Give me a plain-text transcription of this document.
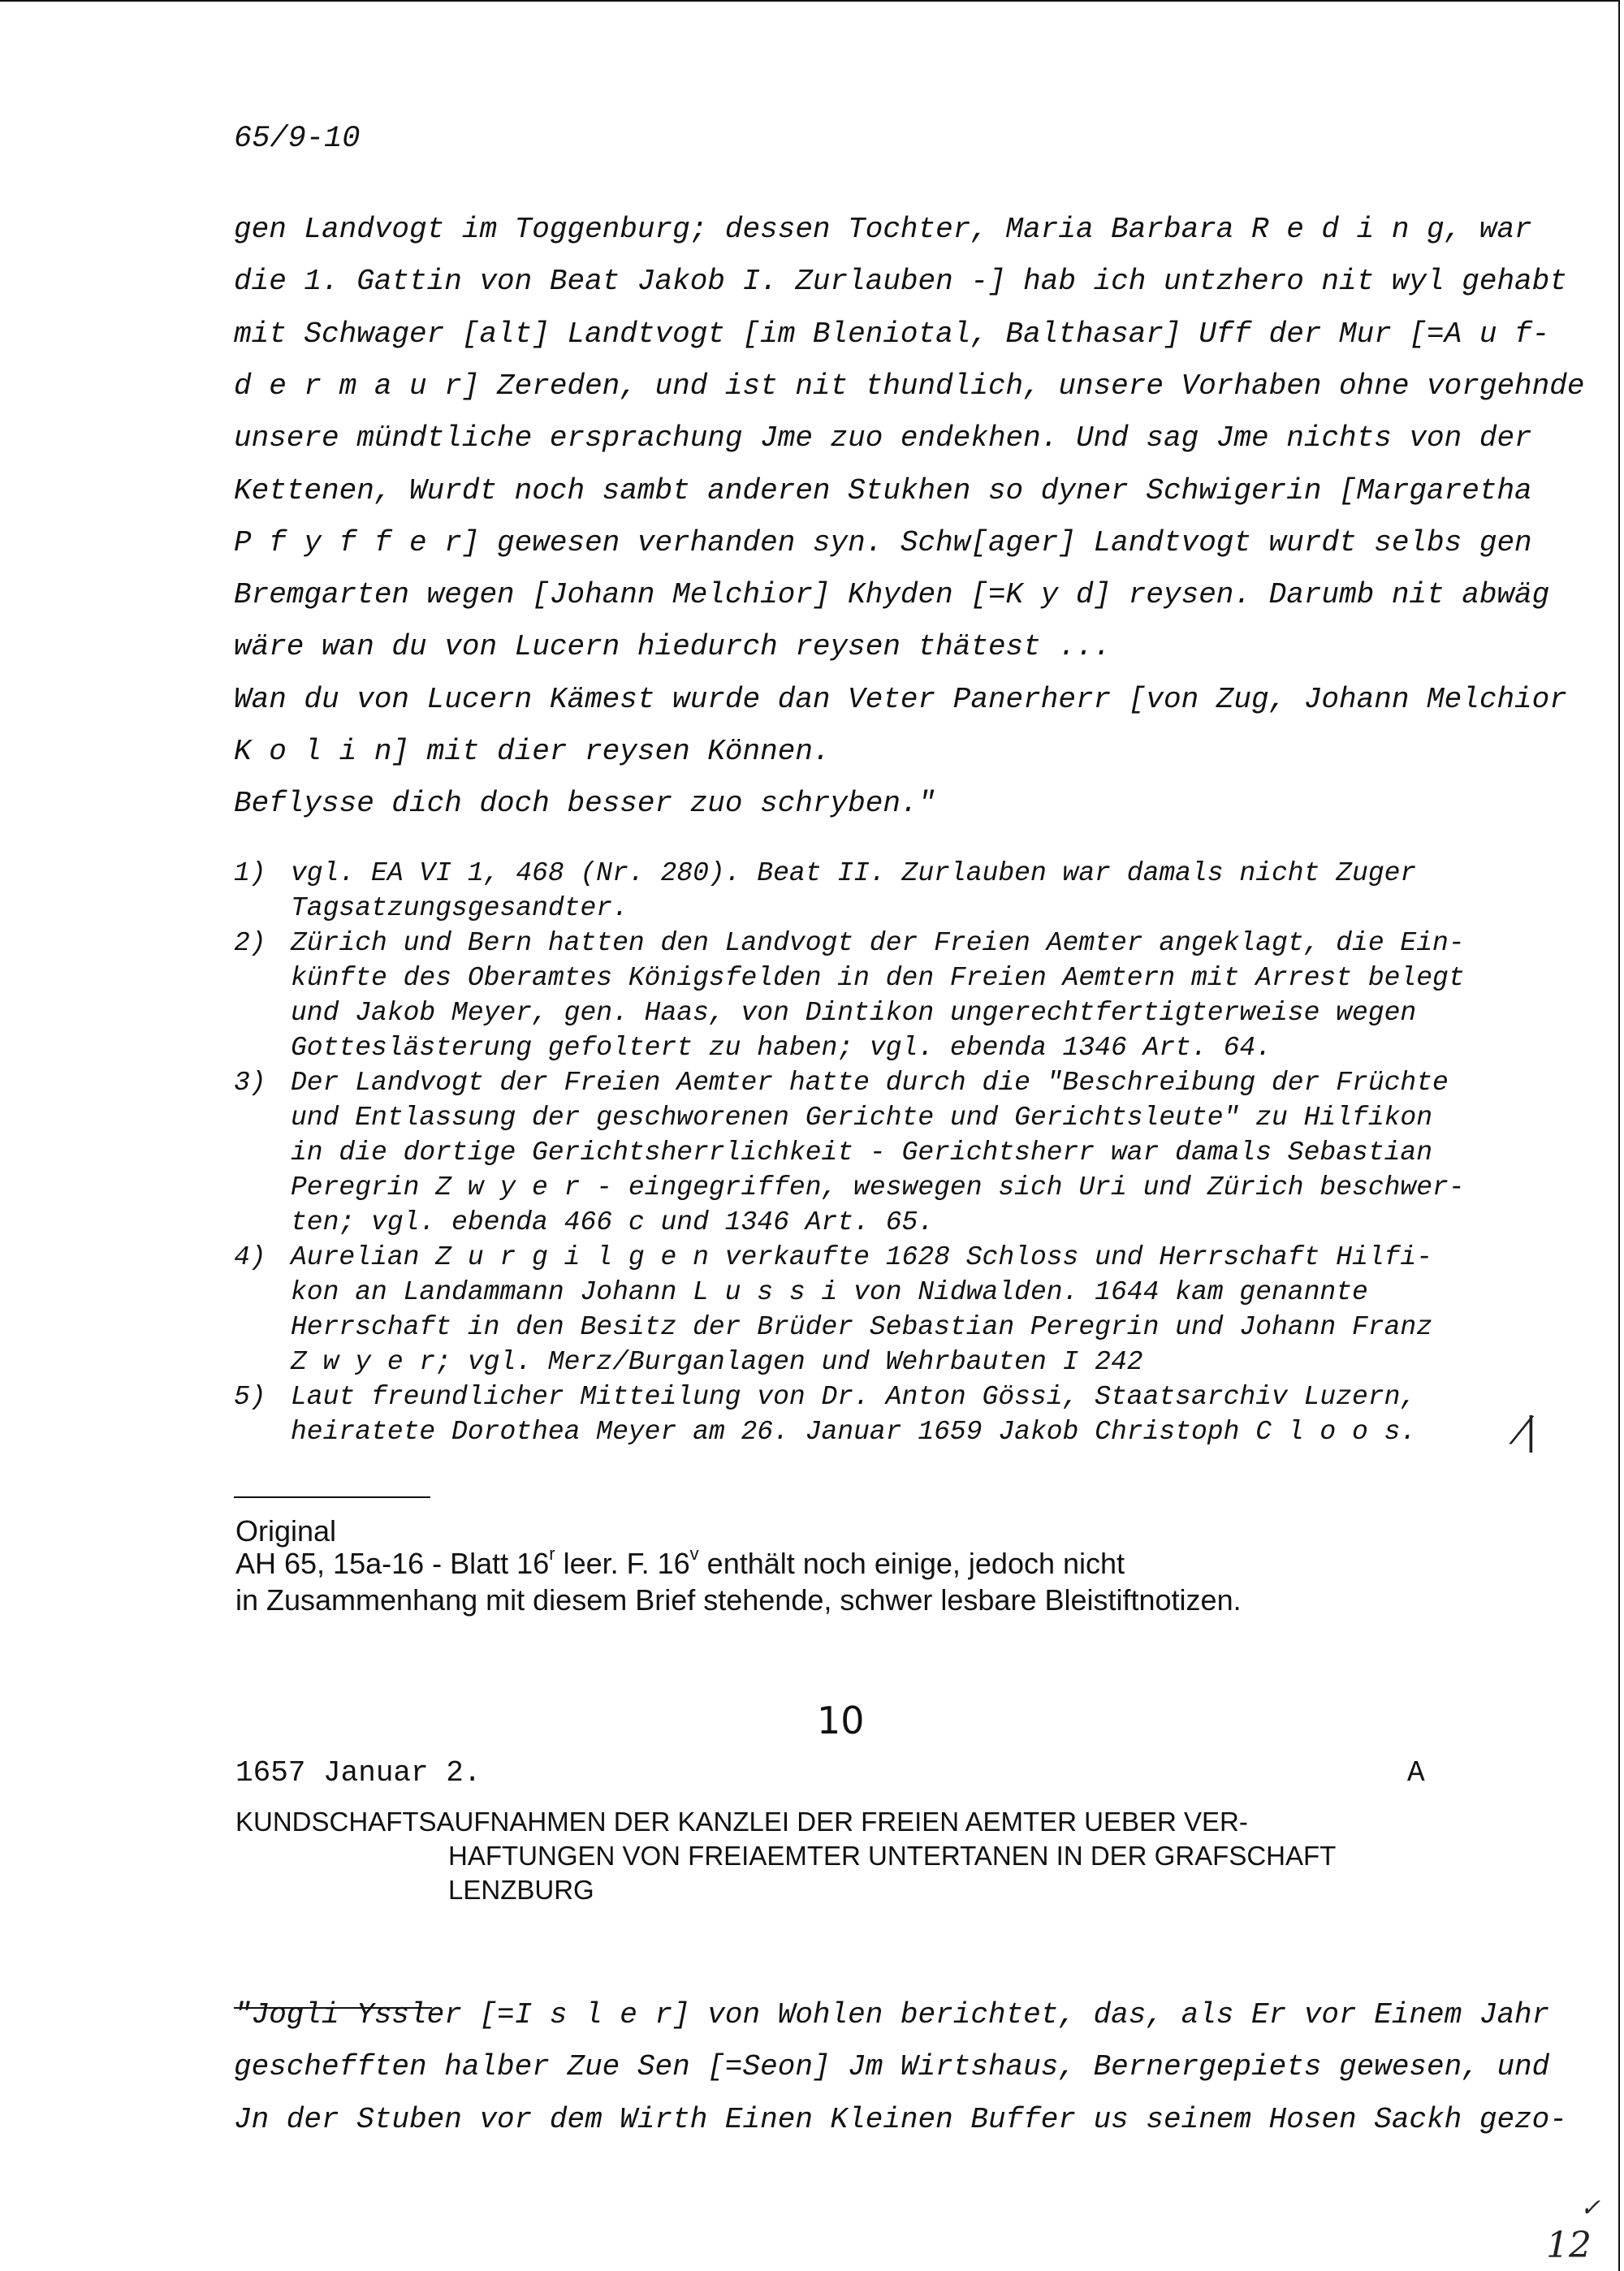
65/9-10
gen Landvogt im Toggenburg; dessen Tochter, Maria Barbara R e d i n g, war
die 1. Gattin von Beat Jakob I. Zurlauben -] hab ich untzhero nit wyl gehabt
mit Schwager [alt] Landtvogt [im Bleniotal, Balthasar] Uff der Mur [=A u f-
d e r m a u r] Zereden, und ist nit thundlich, unsere Vorhaben ohne vorgehnde
unsere mündtliche ersprachung Jme zuo endekhen. Und sag Jme nichts von der
Kettenen, Wurdt noch sambt anderen Stukhen so dyner Schwigerin [Margaretha
P f y f f e r] gewesen verhanden syn. Schw[ager] Landtvogt wurdt selbs gen
Bremgarten wegen [Johann Melchior] Khyden [=K y d] reysen. Darumb nit abwäg
wäre wan du von Lucern hiedurch reysen thätest ...
Wan du von Lucern Kämest wurde dan Veter Panerherr [von Zug, Johann Melchior
K o l i n] mit dier reysen Können.
Beflysse dich doch besser zuo schryben."
1) vgl. EA VI 1, 468 (Nr. 280). Beat II. Zurlauben war damals nicht Zuger
Tagsatzungsgesandter.
2) Zürich und Bern hatten den Landvogt der Freien Aemter angeklagt, die Ein-
künfte des Oberamtes Königsfelden in den Freien Aemtern mit Arrest belegt
und Jakob Meyer, gen. Haas, von Dintikon ungerechtfertigterweise wegen
Gotteslästerung gefoltert zu haben; vgl. ebenda 1346 Art. 64.
3) Der Landvogt der Freien Aemter hatte durch die "Beschreibung der Früchte
und Entlassung der geschworenen Gerichte und Gerichtsleute" zu Hilfikon
in die dortige Gerichtsherrlichkeit - Gerichtsherr war damals Sebastian
Peregrin Z w y e r - eingegriffen, weswegen sich Uri und Zürich beschwer-
ten; vgl. ebenda 466 c und 1346 Art. 65.
4) Aurelian Z u r g i l g e n verkaufte 1628 Schloss und Herrschaft Hilfi-
kon an Landammann Johann L u s s i von Nidwalden. 1644 kam genannte
Herrschaft in den Besitz der Brüder Sebastian Peregrin und Johann Franz
Z w y e r; vgl. Merz/Burganlagen und Wehrbauten I 242
5) Laut freundlicher Mitteilung von Dr. Anton Gössi, Staatsarchiv Luzern,
heiratete Dorothea Meyer am 26. Januar 1659 Jakob Christoph C l o o s.	⁄|
Original
AH 65, 15a-16 - Blatt 16$^r$ leer. F. 16$^v$ enthält noch einige, jedoch nicht
in Zusammenhang mit diesem Brief stehende, schwer lesbare Bleistiftnotizen.
10
1657 Januar 2.	A
KUNDSCHAFTSAUFNAHMEN DER KANZLEI DER FREIEN AEMTER UEBER VER-
HAFTUNGEN VON FREIAEMTER UNTERTANEN IN DER GRAFSCHAFT
LENZBURG
"Jogli Yssler [=I s l e r] von Wohlen berichtet, das, als Er vor Einem Jahr
geschefften halber Zue Sen [=Seon] Jm Wirtshaus, Bernergepiets gewesen, und
Jn der Stuben vor dem Wirth Einen Kleinen Buffer us seinem Hosen Sackh gezo-
✓
12
